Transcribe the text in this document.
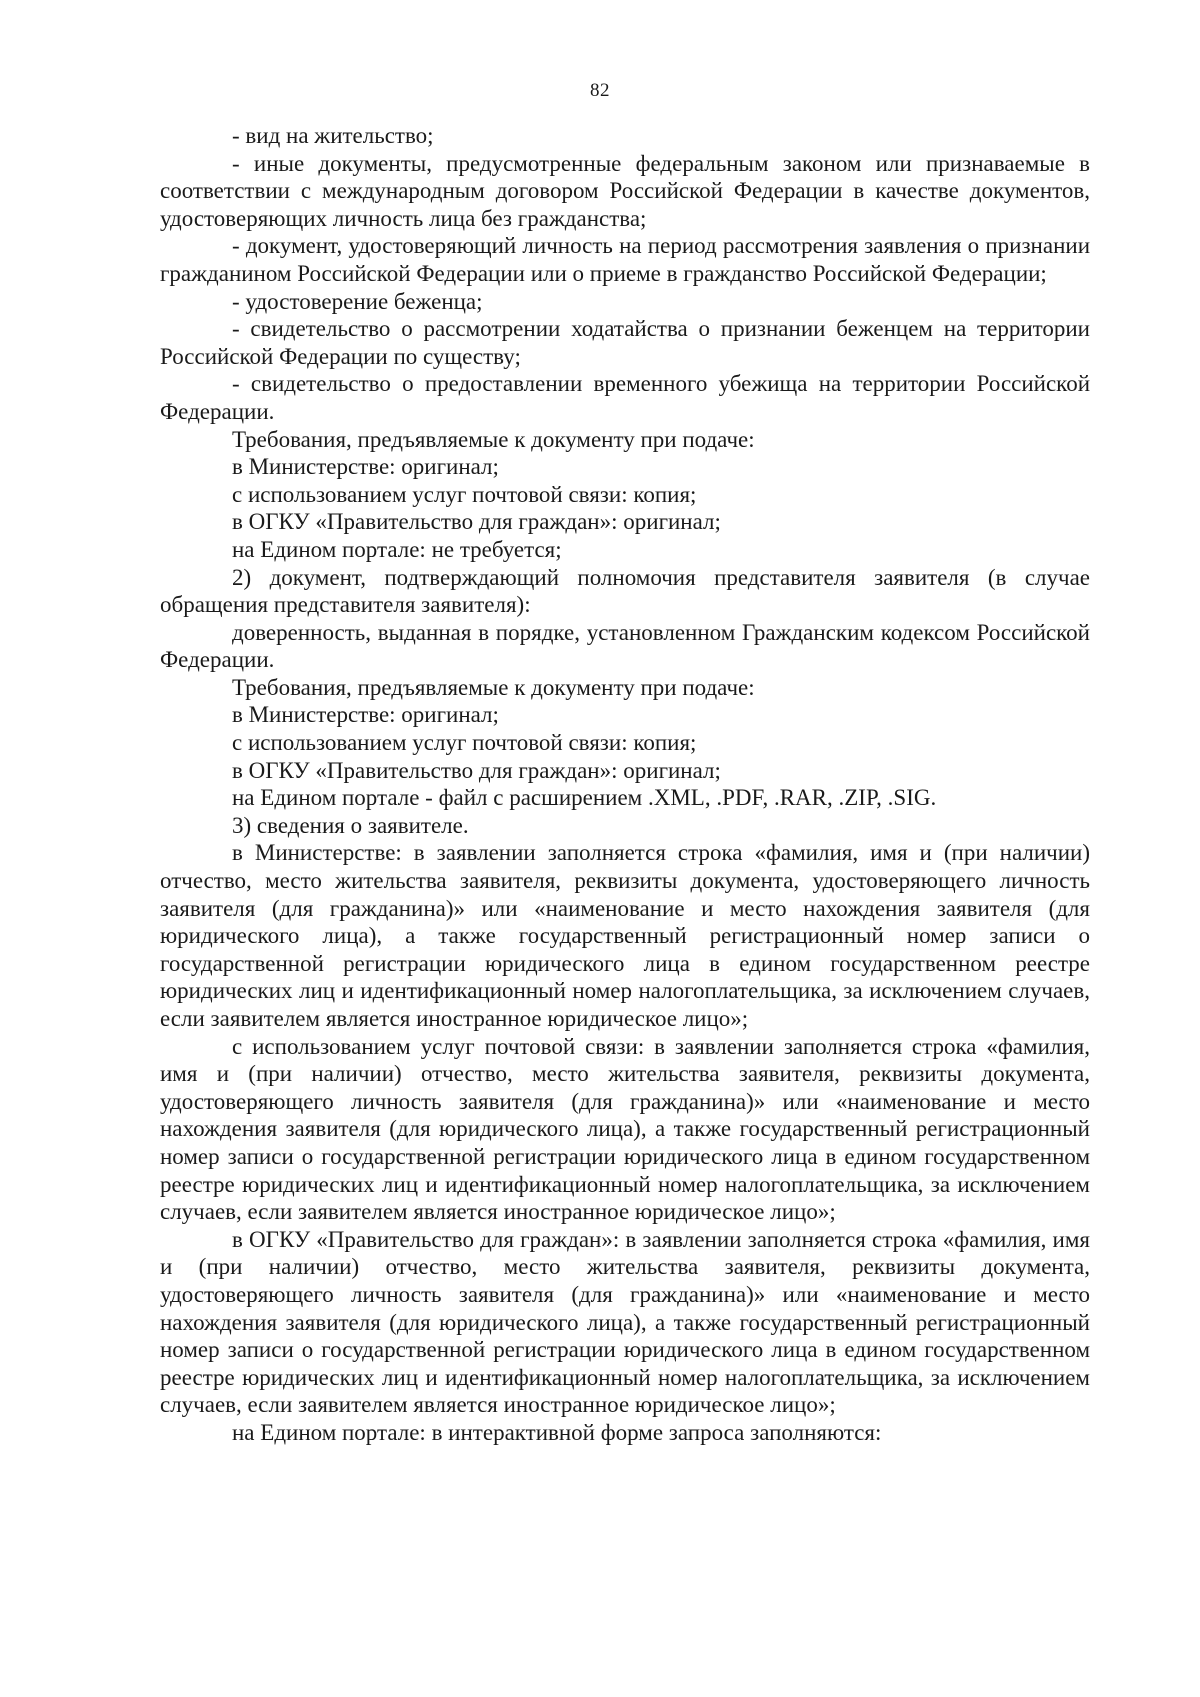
82

- вид на жительство;

- иные документы, предусмотренные федеральным законом или признаваемые в соответствии с международным договором Российской Федерации в качестве документов, удостоверяющих личность лица без гражданства;

- документ, удостоверяющий личность на период рассмотрения заявления о признании гражданином Российской Федерации или о приеме в гражданство Российской Федерации;

- удостоверение беженца;

- свидетельство о рассмотрении ходатайства о признании беженцем на территории Российской Федерации по существу;

- свидетельство о предоставлении временного убежища на территории Российской Федерации.

Требования, предъявляемые к документу при подаче:

в Министерстве: оригинал;

с использованием услуг почтовой связи: копия;

в ОГКУ «Правительство для граждан»: оригинал;

на Едином портале: не требуется;

2) документ, подтверждающий полномочия представителя заявителя (в случае обращения представителя заявителя):

доверенность, выданная в порядке, установленном Гражданским кодексом Российской Федерации.

Требования, предъявляемые к документу при подаче:

в Министерстве: оригинал;

с использованием услуг почтовой связи: копия;

в ОГКУ «Правительство для граждан»: оригинал;

на Едином портале - файл с расширением .XML, .PDF, .RAR, .ZIP, .SIG.

3) сведения о заявителе.

в Министерстве: в заявлении заполняется строка «фамилия, имя и (при наличии) отчество, место жительства заявителя, реквизиты документа, удостоверяющего личность заявителя (для гражданина)» или «наименование и место нахождения заявителя (для юридического лица), а также государственный регистрационный номер записи о государственной регистрации юридического лица в едином государственном реестре юридических лиц и идентификационный номер налогоплательщика, за исключением случаев, если заявителем является иностранное юридическое лицо»;

с использованием услуг почтовой связи: в заявлении заполняется строка «фамилия, имя и (при наличии) отчество, место жительства заявителя, реквизиты документа, удостоверяющего личность заявителя (для гражданина)» или «наименование и место нахождения заявителя (для юридического лица), а также государственный регистрационный номер записи о государственной регистрации юридического лица в едином государственном реестре юридических лиц и идентификационный номер налогоплательщика, за исключением случаев, если заявителем является иностранное юридическое лицо»;

в ОГКУ «Правительство для граждан»: в заявлении заполняется строка «фамилия, имя и (при наличии) отчество, место жительства заявителя, реквизиты документа, удостоверяющего личность заявителя (для гражданина)» или «наименование и место нахождения заявителя (для юридического лица), а также государственный регистрационный номер записи о государственной регистрации юридического лица в едином государственном реестре юридических лиц и идентификационный номер налогоплательщика, за исключением случаев, если заявителем является иностранное юридическое лицо»;

на Едином портале: в интерактивной форме запроса заполняются:
